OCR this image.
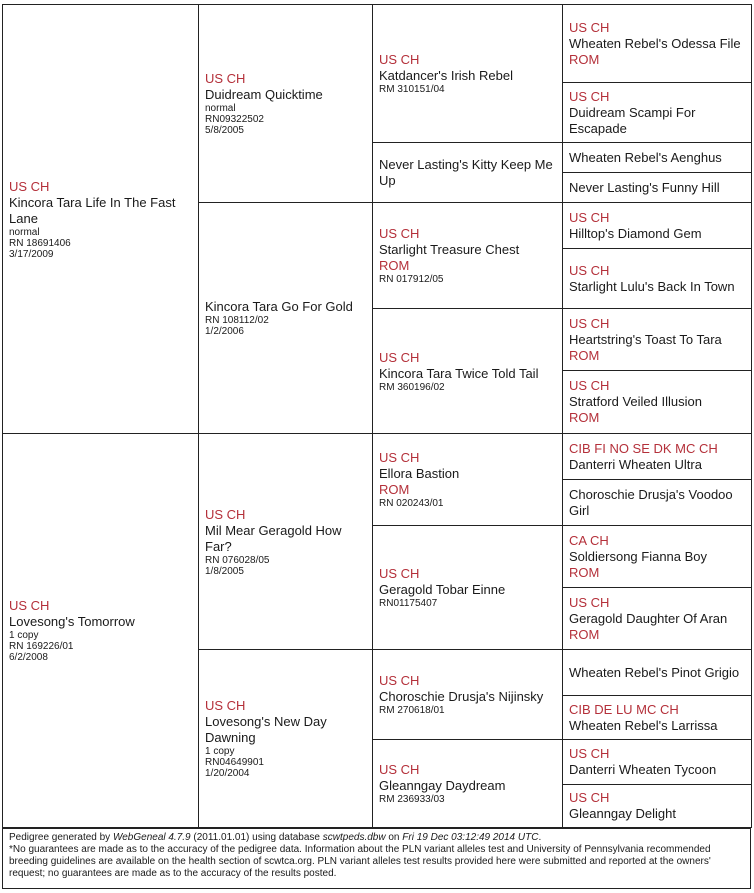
US CH
Kincora Tara Life In The Fast Lane
normal
RN 18691406
3/17/2009
US CH
Lovesong's Tomorrow
1 copy
RN 169226/01
6/2/2008
US CH
Duidream Quicktime
normal
RN09322502
5/8/2005
Kincora Tara Go For Gold
RN 108112/02
1/2/2006
US CH
Mil Mear Geragold How Far?
RN 076028/05
1/8/2005
US CH
Lovesong's New Day Dawning
1 copy
RN04649901
1/20/2004
US CH
Katdancer's Irish Rebel
RM 310151/04
Never Lasting's Kitty Keep Me Up
US CH
Starlight Treasure Chest
ROM
RN 017912/05
US CH
Kincora Tara Twice Told Tail
RM 360196/02
US CH
Ellora Bastion
ROM
RN 020243/01
US CH
Geragold Tobar Einne
RN01175407
US CH
Choroschie Drusja's Nijinsky
RM 270618/01
US CH
Gleanngay Daydream
RM 236933/03
US CH
Wheaten Rebel's Odessa File
ROM
US CH
Duidream Scampi For Escapade
Wheaten Rebel's Aenghus
Never Lasting's Funny Hill
US CH
Hilltop's Diamond Gem
US CH
Starlight Lulu's Back In Town
US CH
Heartstring's Toast To Tara
ROM
US CH
Stratford Veiled Illusion
ROM
CIB FI NO SE DK MC CH
Danterri Wheaten Ultra
Choroschie Drusja's Voodoo Girl
CA CH
Soldiersong Fianna Boy
ROM
US CH
Geragold Daughter Of Aran
ROM
Wheaten Rebel's Pinot Grigio
CIB DE LU MC CH
Wheaten Rebel's Larrissa
US CH
Danterri Wheaten Tycoon
US CH
Gleanngay Delight
Pedigree generated by WebGeneal 4.7.9 (2011.01.01) using database scwtpeds.dbw on Fri 19 Dec 03:12:49 2014 UTC.
*No guarantees are made as to the accuracy of the pedigree data. Information about the PLN variant alleles test and University of Pennsylvania recommended breeding guidelines are available on the health section of scwtca.org. PLN variant alleles test results provided here were submitted and reported at the owners' request; no guarantees are made as to the accuracy of the results posted.
